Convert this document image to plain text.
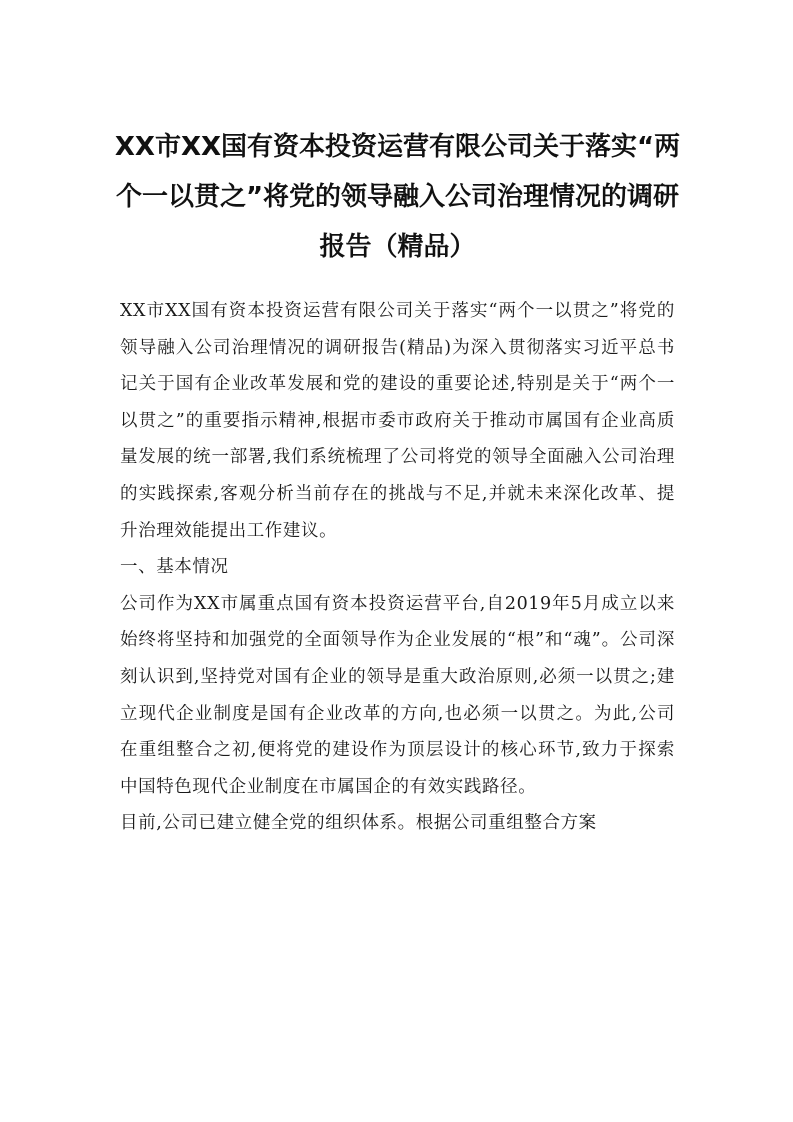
XX市XX国有资本投资运营有限公司关于落实“两个一以贯之”将党的领导融入公司治理情况的调研报告（精品）

XX市XX国有资本投资运营有限公司关于落实“两个一以贯之”将党的领导融入公司治理情况的调研报告(精品)为深入贯彻落实习近平总书记关于国有企业改革发展和党的建设的重要论述,特别是关于“两个一以贯之”的重要指示精神,根据市委市政府关于推动市属国有企业高质量发展的统一部署,我们系统梳理了公司将党的领导全面融入公司治理的实践探索,客观分析当前存在的挑战与不足,并就未来深化改革、提升治理效能提出工作建议。

一、基本情况

公司作为XX市属重点国有资本投资运营平台,自2019年5月成立以来始终将坚持和加强党的全面领导作为企业发展的“根”和“魂”。公司深刻认识到,坚持党对国有企业的领导是重大政治原则,必须一以贯之;建立现代企业制度是国有企业改革的方向,也必须一以贯之。为此,公司在重组整合之初,便将党的建设作为顶层设计的核心环节,致力于探索中国特色现代企业制度在市属国企的有效实践路径。

目前,公司已建立健全党的组织体系。根据公司重组整合方案
